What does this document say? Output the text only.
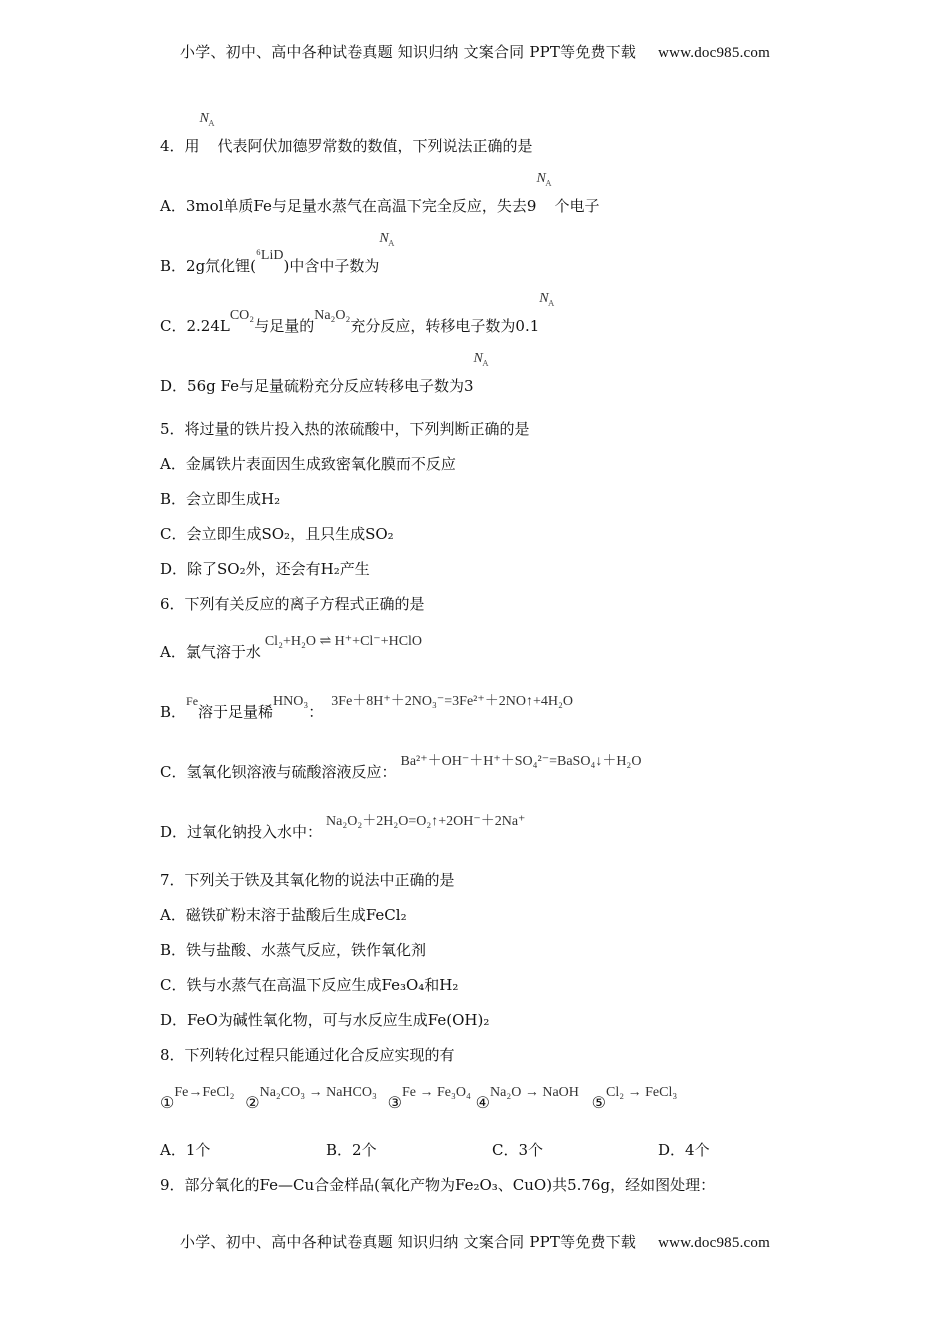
小学、初中、高中各种试卷真题 知识归纳 文案合同 PPT等免费下载 www.doc985.com
4．用
N A
代表阿伏加德罗常数的数值，下列说法正确的是
A．3mol单质Fe与足量水蒸气在高温下完全反应，失去9
N A
个电子
B．2g氘化锂(⁶LiD)中含中子数为
N A
C．2.24LCO₂与足量的Na₂O₂充分反应，转移电子数为0.1
N A
D．56g Fe与足量硫粉充分反应转移电子数为3
N A
5．将过量的铁片投入热的浓硫酸中，下列判断正确的是
A．金属铁片表面因生成致密氧化膜而不反应
B．会立即生成H₂
C．会立即生成SO₂，且只生成SO₂
D．除了SO₂外，还会有H₂产生
6．下列有关反应的离子方程式正确的是
A．氯气溶于水Cl₂+H₂O ⇌ H⁺+Cl⁻+HClO
B．$^{Fe}$溶于足量稀HNO₃：3Fe＋8H⁺＋2NO₃⁻=3Fe²⁺＋2NO↑+4H₂O
C．氢氧化钡溶液与硫酸溶液反应：Ba²⁺＋OH⁻＋H⁺＋SO₄²⁻=BaSO₄↓＋H₂O
D．过氧化钠投入水中：Na₂O₂＋2H₂O=O₂↑+2OH⁻＋2Na⁺
7．下列关于铁及其氧化物的说法中正确的是
A．磁铁矿粉末溶于盐酸后生成FeCl₂
B．铁与盐酸、水蒸气反应，铁作氧化剂
C．铁与水蒸气在高温下反应生成Fe₃O₄和H₂
D．FeO为碱性氧化物，可与水反应生成Fe(OH)₂
8．下列转化过程只能通过化合反应实现的有
①Fe→FeCl₂ ②Na₂CO₃ → NaHCO₃ ③Fe → Fe₃O₄ ④Na₂O → NaOH ⑤Cl₂ → FeCl₃
A．1个	B．2个	C．3个	D．4个
9．部分氧化的Fe—Cu合金样品(氧化产物为Fe₂O₃、CuO)共5.76g，经如图处理：
小学、初中、高中各种试卷真题 知识归纳 文案合同 PPT等免费下载 www.doc985.com
